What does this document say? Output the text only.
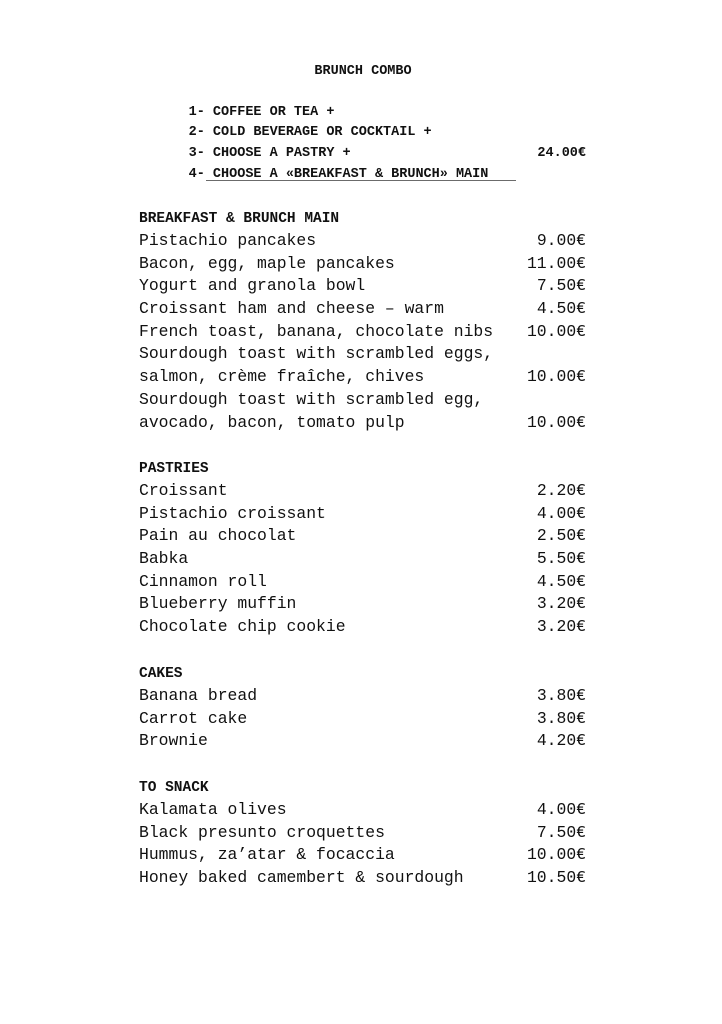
BRUNCH COMBO

1- COFFEE OR TEA +

2- COLD BEVERAGE OR COCKTAIL +

3- CHOOSE A PASTRY +

4- CHOOSE A «BREAKFAST & BRUNCH» MAIN

24.00€

BREAKFAST & BRUNCH MAIN
Pistachio pancakes	9.00€
Bacon, egg, maple pancakes	11.00€
Yogurt and granola bowl	7.50€
Croissant ham and cheese – warm	4.50€
French toast, banana, chocolate nibs 10.00€
Sourdough toast with scrambled eggs,
salmon, crème fraîche, chives	10.00€
Sourdough toast with scrambled egg,
avocado, bacon, tomato pulp	10.00€
PASTRIES
Croissant	2.20€
Pistachio croissant	4.00€
Pain au chocolat	2.50€
Babka	5.50€
Cinnamon roll	4.50€
Blueberry muffin	3.20€
Chocolate chip cookie	3.20€
CAKES
Banana bread	3.80€
Carrot cake	3.80€
Brownie	4.20€
TO SNACK
Kalamata olives	4.00€
Black presunto croquettes	7.50€
Hummus, za’atar & focaccia	10.00€
Honey baked camembert & sourdough	10.50€
